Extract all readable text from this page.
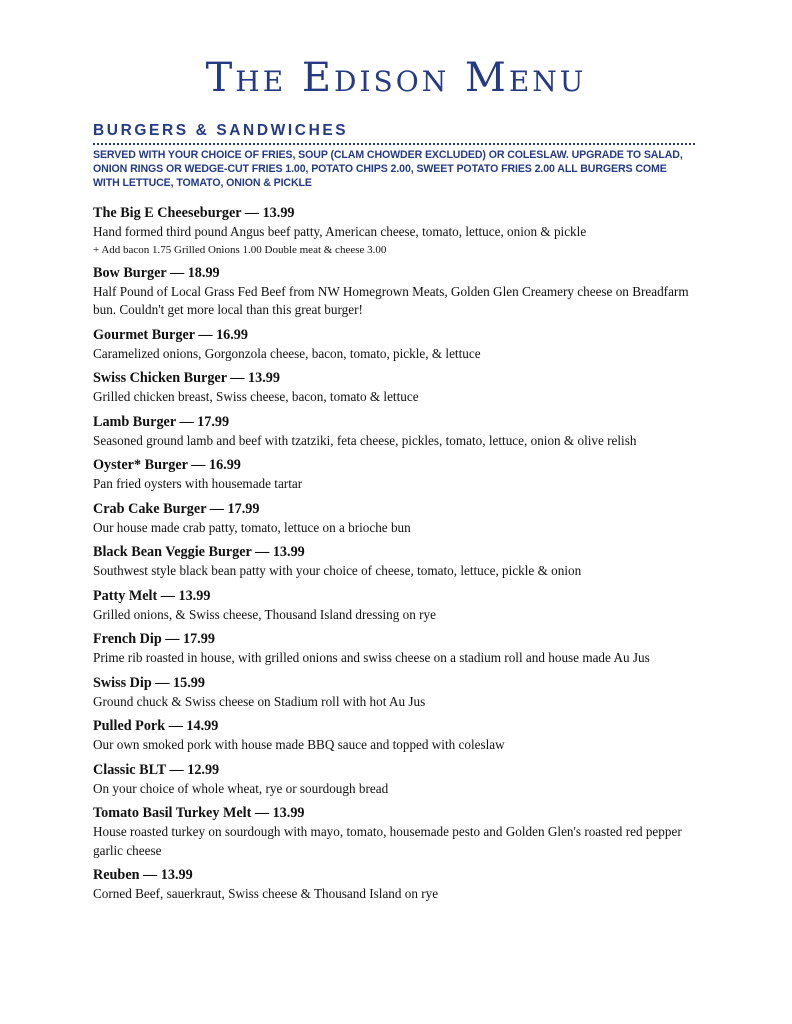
The Edison Menu
BURGERS & SANDWICHES

SERVED WITH YOUR CHOICE OF FRIES, SOUP (CLAM CHOWDER EXCLUDED) OR COLESLAW. UPGRADE TO SALAD, ONION RINGS OR WEDGE-CUT FRIES 1.00, POTATO CHIPS 2.00, SWEET POTATO FRIES 2.00 ALL BURGERS COME WITH LETTUCE, TOMATO, ONION & PICKLE

The Big E Cheeseburger — 13.99

Hand formed third pound Angus beef patty, American cheese, tomato, lettuce, onion & pickle

+ Add bacon 1.75 Grilled Onions 1.00 Double meat & cheese 3.00

Bow Burger — 18.99

Half Pound of Local Grass Fed Beef from NW Homegrown Meats, Golden Glen Creamery cheese on Breadfarm bun. Couldn't get more local than this great burger!

Gourmet Burger — 16.99

Caramelized onions, Gorgonzola cheese, bacon, tomato, pickle, & lettuce

Swiss Chicken Burger — 13.99

Grilled chicken breast, Swiss cheese, bacon, tomato & lettuce

Lamb Burger — 17.99

Seasoned ground lamb and beef with tzatziki, feta cheese, pickles, tomato, lettuce, onion & olive relish

Oyster* Burger — 16.99

Pan fried oysters with housemade tartar

Crab Cake Burger — 17.99

Our house made crab patty, tomato, lettuce on a brioche bun

Black Bean Veggie Burger — 13.99

Southwest style black bean patty with your choice of cheese, tomato, lettuce, pickle & onion

Patty Melt — 13.99

Grilled onions, & Swiss cheese, Thousand Island dressing on rye

French Dip — 17.99

Prime rib roasted in house, with grilled onions and swiss cheese on a stadium roll and house made Au Jus

Swiss Dip — 15.99

Ground chuck & Swiss cheese on Stadium roll with hot Au Jus

Pulled Pork — 14.99

Our own smoked pork with house made BBQ sauce and topped with coleslaw

Classic BLT — 12.99

On your choice of whole wheat, rye or sourdough bread

Tomato Basil Turkey Melt — 13.99

House roasted turkey on sourdough with mayo, tomato, housemade pesto and Golden Glen's roasted red pepper garlic cheese

Reuben — 13.99

Corned Beef, sauerkraut, Swiss cheese & Thousand Island on rye
